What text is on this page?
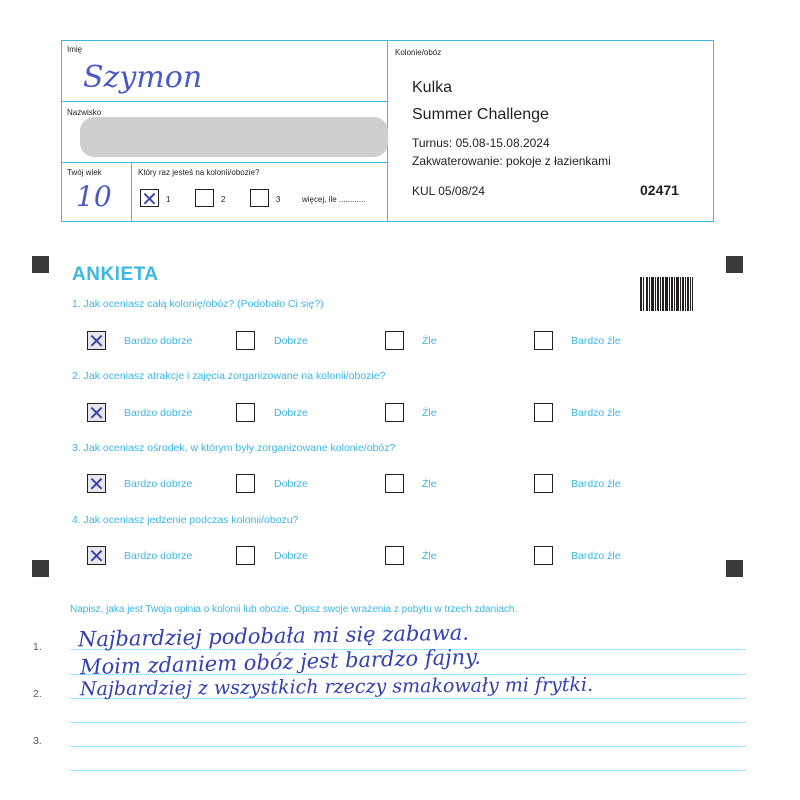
Imię
Szymon
Nazwisko
Twój wiek
10
Który raz jesteś na kolonii/obozie?
✕ 1	2	3	więcej, ile ............
Kolonie/obóz
Kulka
Summer Challenge
Turnus: 05.08-15.08.2024
Zakwaterowanie: pokoje z łazienkami
KUL 05/08/24	02471
ANKIETA
1. Jak oceniasz całą kolonię/obóz? (Podobało Ci się?)
✕ Bardzo dobrze	Dobrze	Źle	Bardzo źle
2. Jak oceniasz atrakcje i zajęcia zorganizowane na kolonii/obozie?
✕ Bardzo dobrze	Dobrze	Źle	Bardzo źle
3. Jak oceniasz ośrodek, w którym były zorganizowane kolonie/obóz?
✕ Bardzo dobrze	Dobrze	Źle	Bardzo źle
4. Jak oceniasz jedzenie podczas kolonii/obozu?
✕ Bardzo dobrze	Dobrze	Źle	Bardzo źle
Napisz, jaka jest Twoja opinia o kolonii lub obozie. Opisz swoje wrażenia z pobytu w trzech zdaniach.
1.
2.
3.
Najbardziej podobała mi się zabawa.
Moim zdaniem obóz jest bardzo fajny.
Najbardziej z wszystkich rzeczy smakowały mi frytki.
